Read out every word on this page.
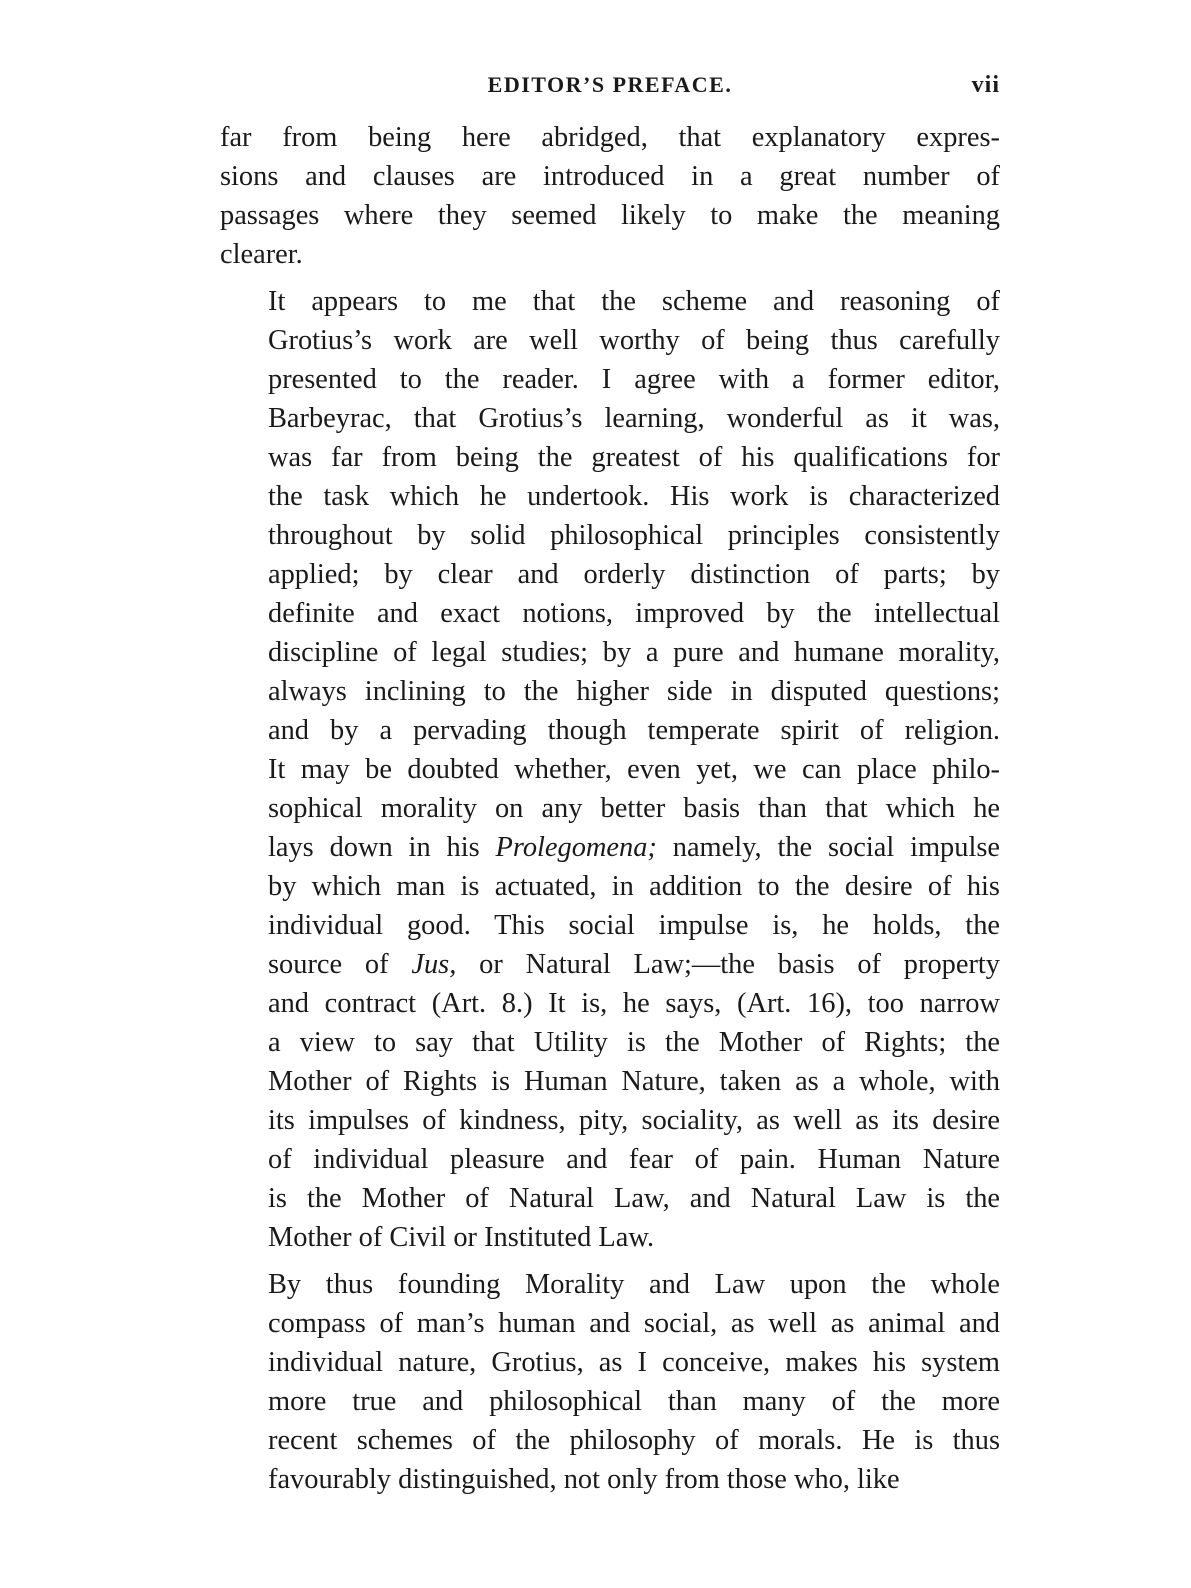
EDITOR’S PREFACE.	vii
far from being here abridged, that explanatory expres-
sions and clauses are introduced in a great number of
passages where they seemed likely to make the meaning
clearer.
It appears to me that the scheme and reasoning of
Grotius’s work are well worthy of being thus carefully
presented to the reader. I agree with a former editor,
Barbeyrac, that Grotius’s learning, wonderful as it was,
was far from being the greatest of his qualifications for
the task which he undertook. His work is characterized
throughout by solid philosophical principles consistently
applied; by clear and orderly distinction of parts; by
definite and exact notions, improved by the intellectual
discipline of legal studies; by a pure and humane morality,
always inclining to the higher side in disputed questions;
and by a pervading though temperate spirit of religion.
It may be doubted whether, even yet, we can place philo-
sophical morality on any better basis than that which he
lays down in his Prolegomena; namely, the social impulse
by which man is actuated, in addition to the desire of his
individual good. This social impulse is, he holds, the
source of Jus, or Natural Law;—the basis of property
and contract (Art. 8.) It is, he says, (Art. 16), too narrow
a view to say that Utility is the Mother of Rights; the
Mother of Rights is Human Nature, taken as a whole, with
its impulses of kindness, pity, sociality, as well as its desire
of individual pleasure and fear of pain. Human Nature
is the Mother of Natural Law, and Natural Law is the
Mother of Civil or Instituted Law.
By thus founding Morality and Law upon the whole
compass of man’s human and social, as well as animal and
individual nature, Grotius, as I conceive, makes his system
more true and philosophical than many of the more
recent schemes of the philosophy of morals. He is thus
favourably distinguished, not only from those who, like
